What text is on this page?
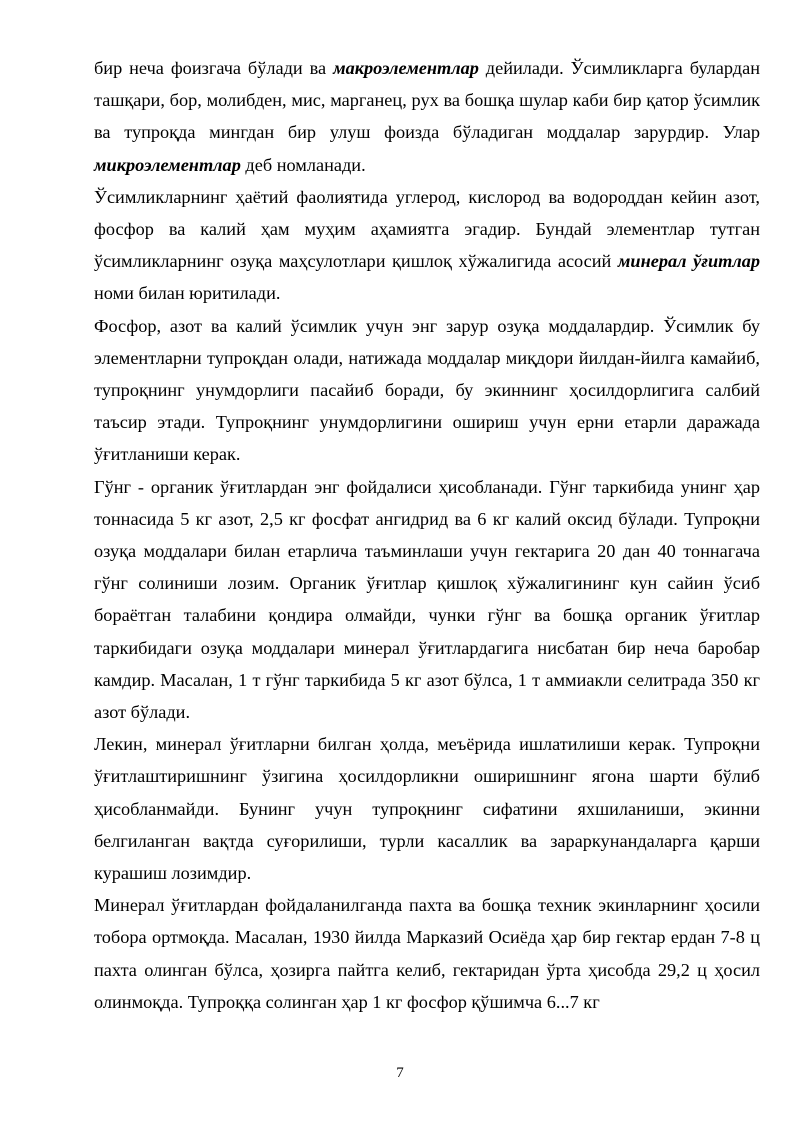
бир неча фоизгача бўлади ва макроэлементлар дейилади. Ўсимликларга булардан ташқари, бор, молибден, мис, марганец, рух ва бошқа шулар каби бир қатор ўсимлик ва тупроқда мингдан бир улуш фоизда бўладиган моддалар зарурдир. Улар микроэлементлар деб номланади.

Ўсимликларнинг ҳаётий фаолиятида углерод, кислород ва водороддан кейин азот, фосфор ва калий ҳам муҳим аҳамиятга эгадир. Бундай элементлар тутган ўсимликларнинг озуқа маҳсулотлари қишлоқ хўжалигида асосий минерал ўғитлар номи билан юритилади.

Фосфор, азот ва калий ўсимлик учун энг зарур озуқа моддалардир. Ўсимлик бу элементларни тупроқдан олади, натижада моддалар миқдори йилдан-йилга камайиб, тупроқнинг унумдорлиги пасайиб боради, бу экиннинг ҳосилдорлигига салбий таъсир этади. Тупроқнинг унумдорлигини ошириш учун ерни етарли даражада ўғитланиши керак.

Гўнг - органик ўғитлардан энг фойдалиси ҳисобланади. Гўнг таркибида унинг ҳар тоннасида 5 кг азот, 2,5 кг фосфат ангидрид ва 6 кг калий оксид бўлади. Тупроқни озуқа моддалари билан етарлича таъминлаши учун гектарига 20 дан 40 тоннагача гўнг солиниши лозим. Органик ўғитлар қишлоқ хўжалигининг кун сайин ўсиб бораётган талабини қондира олмайди, чунки гўнг ва бошқа органик ўғитлар таркибидаги озуқа моддалари минерал ўғитлардагига нисбатан бир неча баробар камдир. Масалан, 1 т гўнг таркибида 5 кг азот бўлса, 1 т аммиакли селитрада 350 кг азот бўлади.

Лекин, минерал ўғитларни билган ҳолда, меъёрида ишлатилиши керак. Тупроқни ўғитлаштиришнинг ўзигина ҳосилдорликни оширишнинг ягона шарти бўлиб ҳисобланмайди. Бунинг учун тупроқнинг сифатини яхшиланиши, экинни белгиланган вақтда суғорилиши, турли касаллик ва зараркунандаларга қарши курашиш лозимдир.

Минерал ўғитлардан фойдаланилганда пахта ва бошқа техник экинларнинг ҳосили тобора ортмоқда. Масалан, 1930 йилда Марказий Осиёда ҳар бир гектар ердан 7-8 ц пахта олинган бўлса, ҳозирга пайтга келиб, гектаридан ўрта ҳисобда 29,2 ц ҳосил олинмоқда. Тупроққа солинган ҳар 1 кг фосфор қўшимча 6...7 кг

7
